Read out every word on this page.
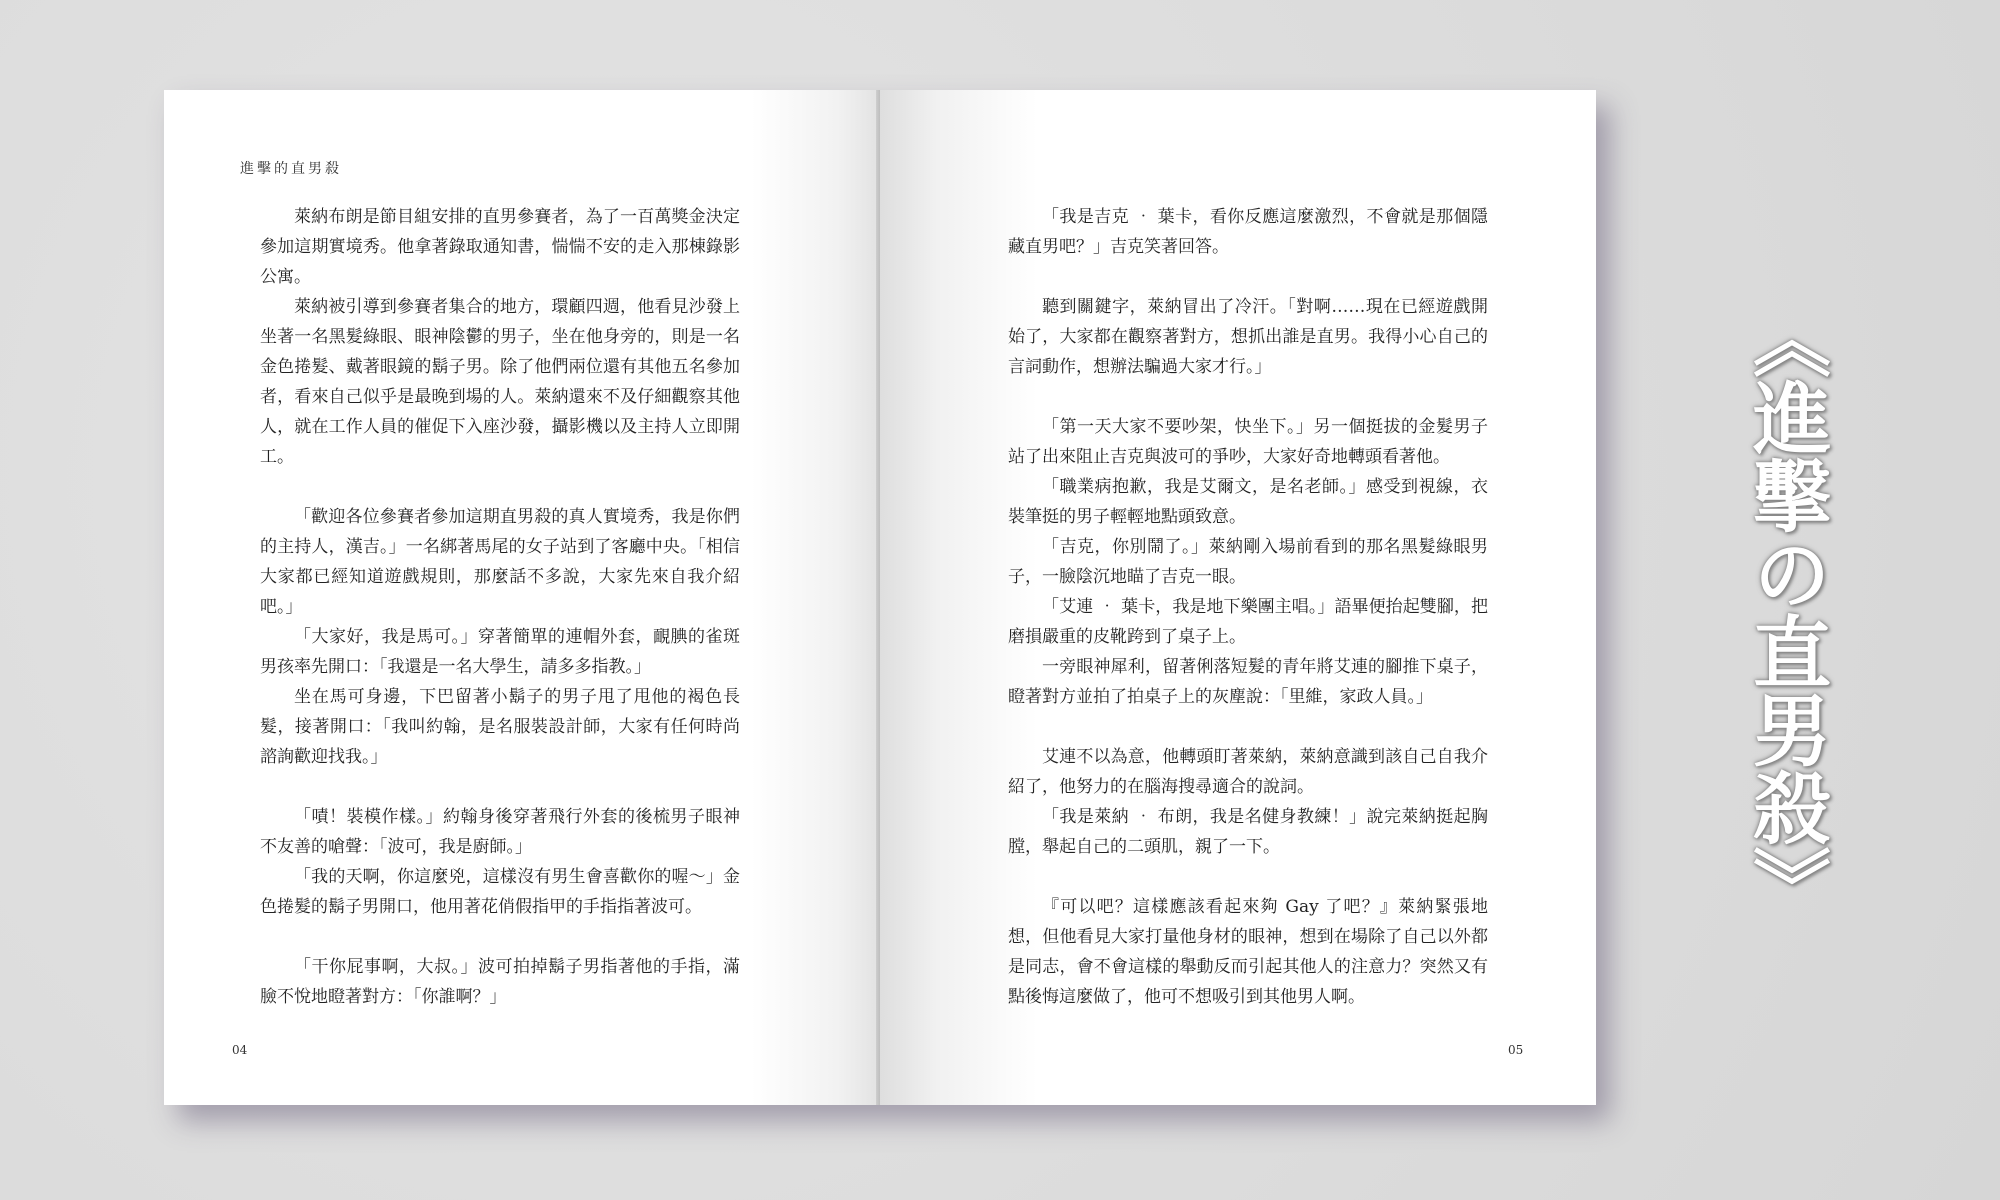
進擊的直男殺

萊納布朗是節目組安排的直男參賽者，為了一百萬獎金決定參加這期實境秀。他拿著錄取通知書，惴惴不安的走入那棟錄影公寓。

萊納被引導到參賽者集合的地方，環顧四週，他看見沙發上坐著一名黑髮綠眼、眼神陰鬱的男子，坐在他身旁的，則是一名金色捲髮、戴著眼鏡的鬍子男。除了他們兩位還有其他五名參加者，看來自己似乎是最晚到場的人。萊納還來不及仔細觀察其他人，就在工作人員的催促下入座沙發，攝影機以及主持人立即開工。

「歡迎各位參賽者參加這期直男殺的真人實境秀，我是你們的主持人，漢吉。」一名綁著馬尾的女子站到了客廳中央。「相信大家都已經知道遊戲規則，那麼話不多說，大家先來自我介紹吧。」

「大家好，我是馬可。」穿著簡單的連帽外套，靦腆的雀斑男孩率先開口：「我還是一名大學生，請多多指教。」

坐在馬可身邊，下巴留著小鬍子的男子甩了甩他的褐色長髮，接著開口：「我叫約翰，是名服裝設計師，大家有任何時尚諮詢歡迎找我。」

「嘖！裝模作樣。」約翰身後穿著飛行外套的後梳男子眼神不友善的嗆聲：「波可，我是廚師。」

「我的天啊，你這麼兇，這樣沒有男生會喜歡你的喔～」金色捲髮的鬍子男開口，他用著花俏假指甲的手指指著波可。

「干你屁事啊，大叔。」波可拍掉鬍子男指著他的手指，滿臉不悅地瞪著對方：「你誰啊？」

04

「我是吉克 ‧ 葉卡，看你反應這麼激烈，不會就是那個隱藏直男吧？」吉克笑著回答。

聽到關鍵字，萊納冒出了冷汗。「對啊……現在已經遊戲開始了，大家都在觀察著對方，想抓出誰是直男。我得小心自己的言詞動作，想辦法騙過大家才行。」

「第一天大家不要吵架，快坐下。」另一個挺拔的金髮男子站了出來阻止吉克與波可的爭吵，大家好奇地轉頭看著他。

「職業病抱歉，我是艾爾文，是名老師。」感受到視線，衣裝筆挺的男子輕輕地點頭致意。

「吉克，你別鬧了。」萊納剛入場前看到的那名黑髮綠眼男子，一臉陰沉地瞄了吉克一眼。

「艾連 ‧ 葉卡，我是地下樂團主唱。」語畢便抬起雙腳，把磨損嚴重的皮靴跨到了桌子上。

一旁眼神犀利，留著俐落短髮的青年將艾連的腳推下桌子，瞪著對方並拍了拍桌子上的灰塵說：「里維，家政人員。」

艾連不以為意，他轉頭盯著萊納，萊納意識到該自己自我介紹了，他努力的在腦海搜尋適合的說詞。

「我是萊納 ‧ 布朗，我是名健身教練！」說完萊納挺起胸膛，舉起自己的二頭肌，親了一下。

『可以吧？這樣應該看起來夠 Gay 了吧？』萊納緊張地想，但他看見大家打量他身材的眼神，想到在場除了自己以外都是同志，會不會這樣的舉動反而引起其他人的注意力？突然又有點後悔這麼做了，他可不想吸引到其他男人啊。

05
《進擊の直男殺》
